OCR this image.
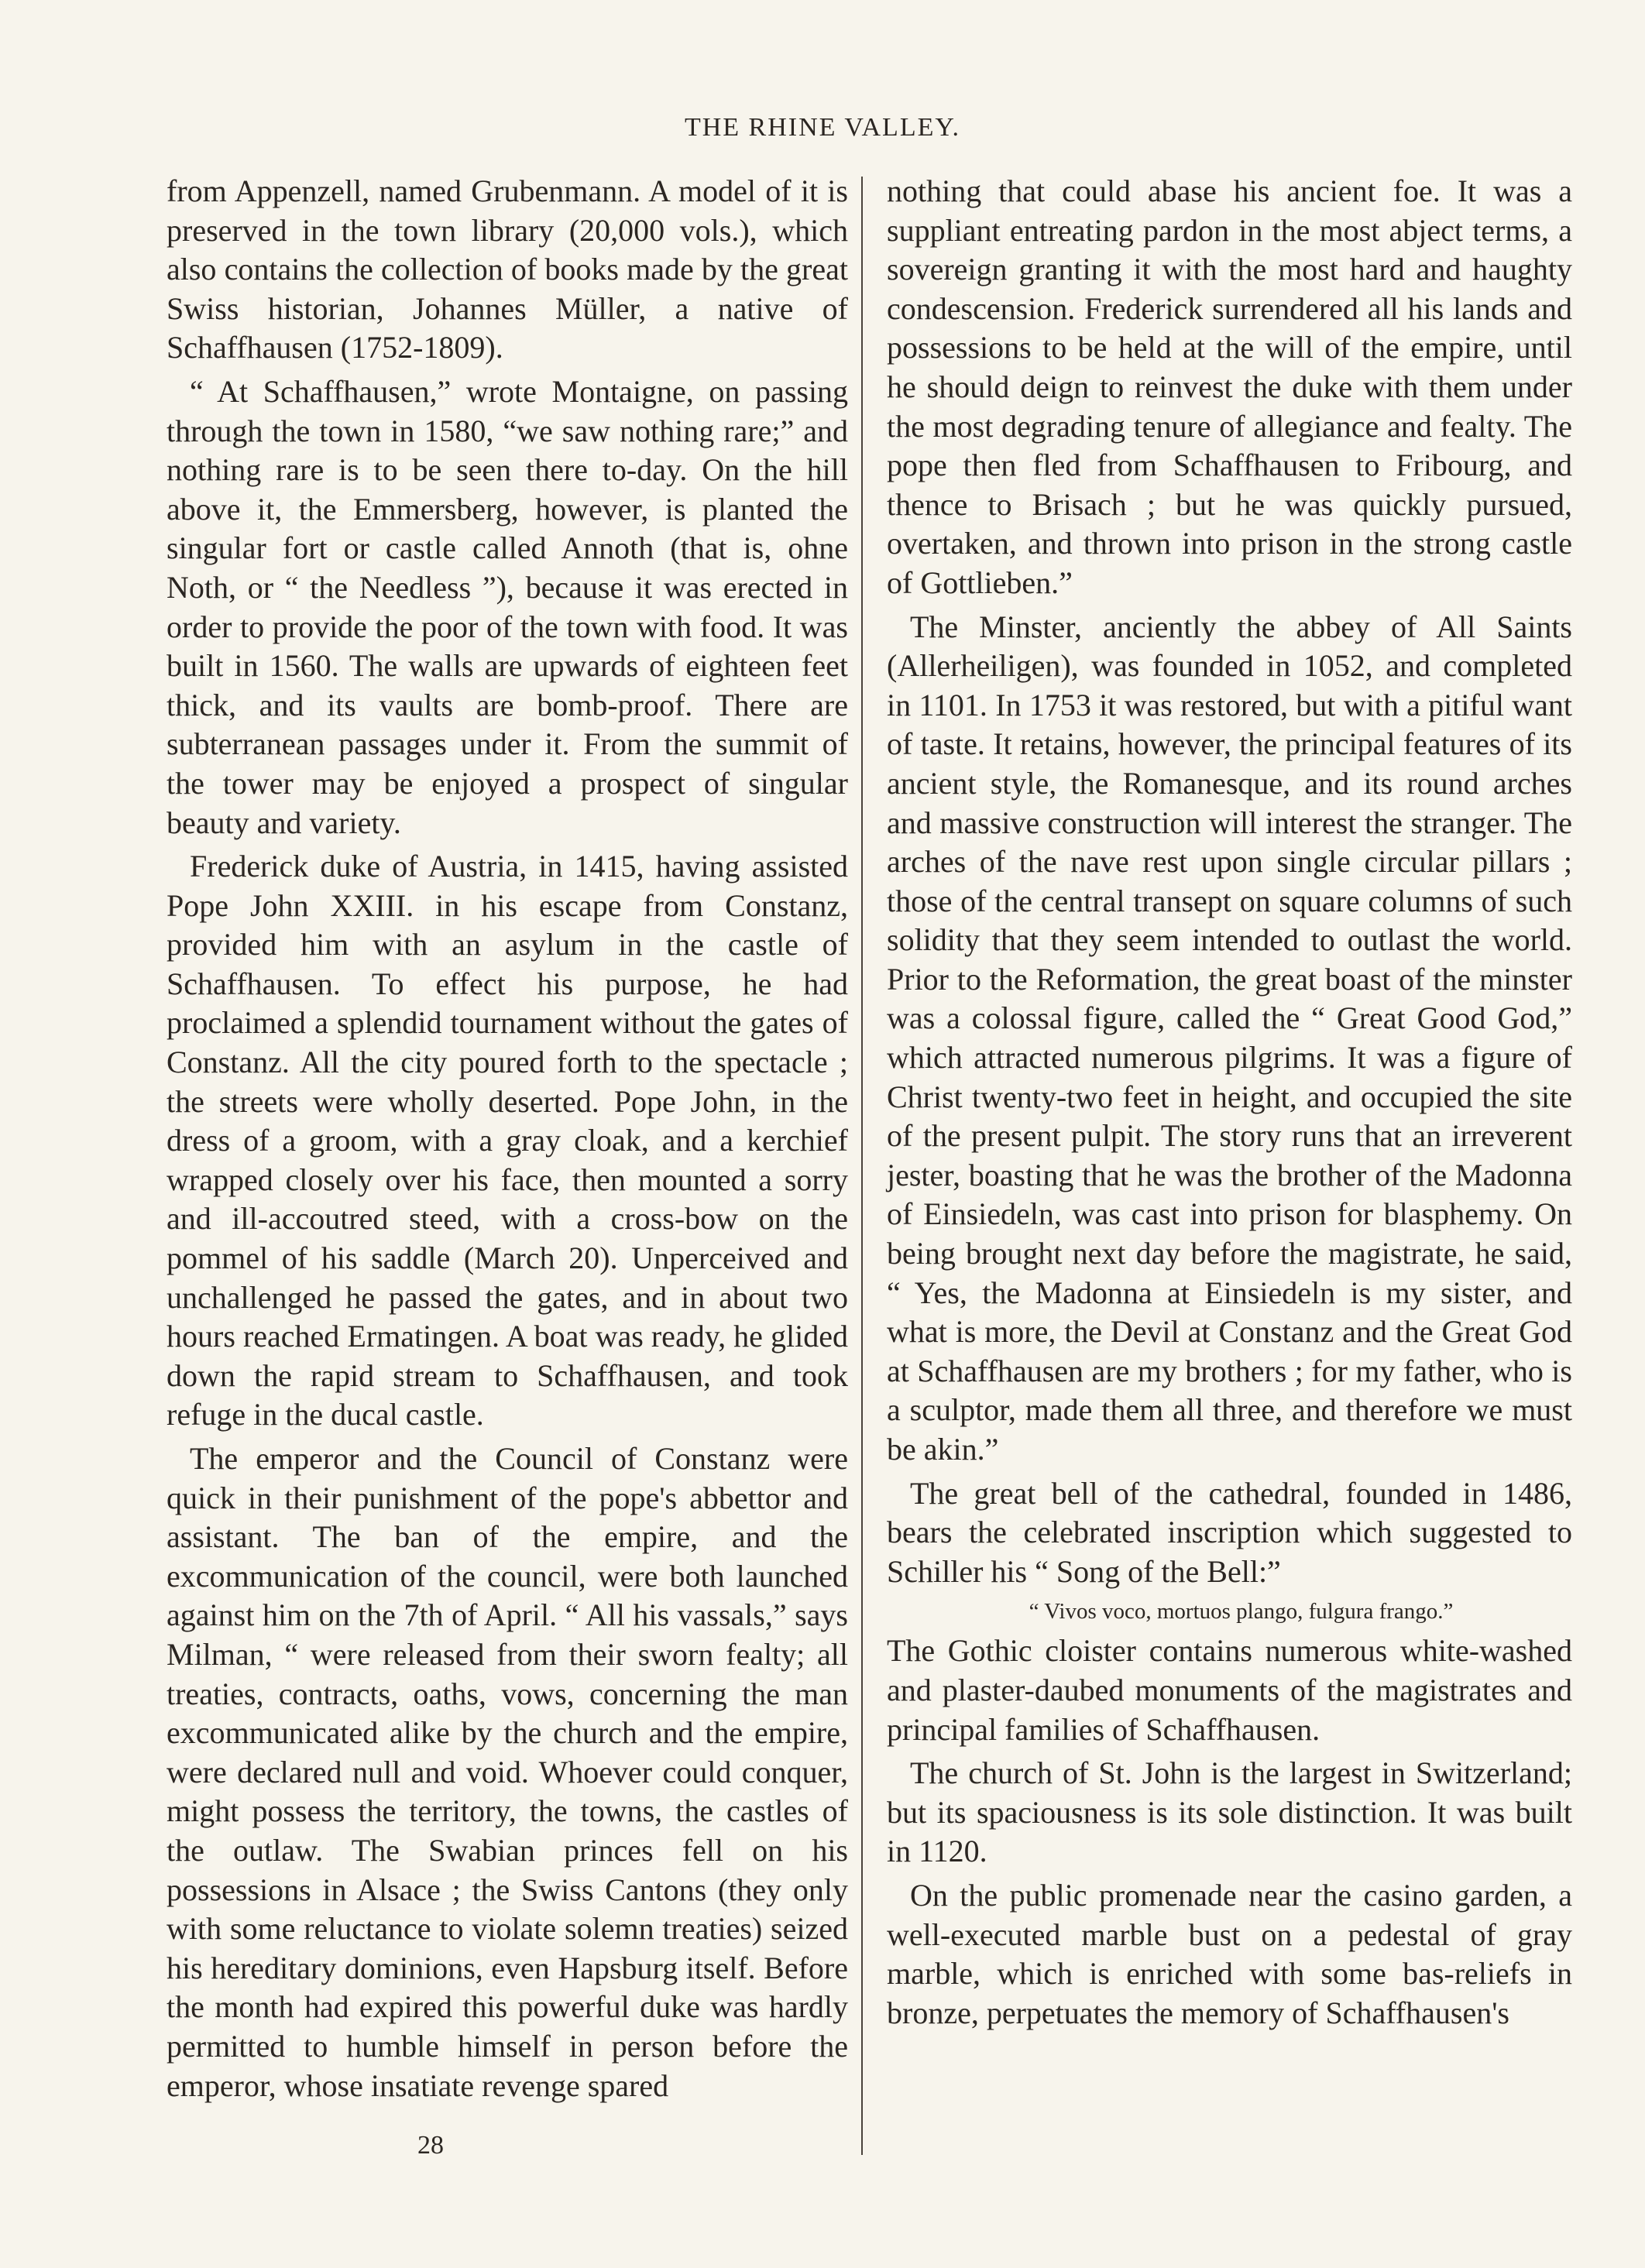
THE RHINE VALLEY.

from Appenzell, named Grubenmann. A model of it is preserved in the town library (20,000 vols.), which also contains the collection of books made by the great Swiss historian, Johannes Müller, a native of Schaffhausen (1752-1809).

“ At Schaffhausen,” wrote Montaigne, on passing through the town in 1580, “we saw nothing rare;” and nothing rare is to be seen there to-day. On the hill above it, the Emmersberg, however, is planted the singular fort or castle called Annoth (that is, ohne Noth, or “ the Needless ”), because it was erected in order to provide the poor of the town with food. It was built in 1560. The walls are upwards of eighteen feet thick, and its vaults are bomb-proof. There are subterranean passages under it. From the summit of the tower may be enjoyed a prospect of singular beauty and variety.

Frederick duke of Austria, in 1415, having assisted Pope John XXIII. in his escape from Constanz, provided him with an asylum in the castle of Schaffhausen. To effect his purpose, he had proclaimed a splendid tournament without the gates of Constanz. All the city poured forth to the spectacle ; the streets were wholly deserted. Pope John, in the dress of a groom, with a gray cloak, and a kerchief wrapped closely over his face, then mounted a sorry and ill-accoutred steed, with a cross-bow on the pommel of his saddle (March 20). Unperceived and unchallenged he passed the gates, and in about two hours reached Ermatingen. A boat was ready, he glided down the rapid stream to Schaffhausen, and took refuge in the ducal castle.

The emperor and the Council of Constanz were quick in their punishment of the pope's abbettor and assistant. The ban of the empire, and the excommunication of the council, were both launched against him on the 7th of April. “ All his vassals,” says Milman, “ were released from their sworn fealty; all treaties, contracts, oaths, vows, concerning the man excommunicated alike by the church and the empire, were declared null and void. Whoever could conquer, might possess the territory, the towns, the castles of the outlaw. The Swabian princes fell on his possessions in Alsace ; the Swiss Cantons (they only with some reluctance to violate solemn treaties) seized his hereditary dominions, even Hapsburg itself. Before the month had expired this powerful duke was hardly permitted to humble himself in person before the emperor, whose insatiate revenge spared

nothing that could abase his ancient foe. It was a suppliant entreating pardon in the most abject terms, a sovereign granting it with the most hard and haughty condescension. Frederick surrendered all his lands and possessions to be held at the will of the empire, until he should deign to reinvest the duke with them under the most degrading tenure of allegiance and fealty. The pope then fled from Schaffhausen to Fribourg, and thence to Brisach ; but he was quickly pursued, overtaken, and thrown into prison in the strong castle of Gottlieben.”

The Minster, anciently the abbey of All Saints (Allerheiligen), was founded in 1052, and completed in 1101. In 1753 it was restored, but with a pitiful want of taste. It retains, however, the principal features of its ancient style, the Romanesque, and its round arches and massive construction will interest the stranger. The arches of the nave rest upon single circular pillars ; those of the central transept on square columns of such solidity that they seem intended to outlast the world. Prior to the Reformation, the great boast of the minster was a colossal figure, called the “ Great Good God,” which attracted numerous pilgrims. It was a figure of Christ twenty-two feet in height, and occupied the site of the present pulpit. The story runs that an irreverent jester, boasting that he was the brother of the Madonna of Einsiedeln, was cast into prison for blasphemy. On being brought next day before the magistrate, he said, “ Yes, the Madonna at Einsiedeln is my sister, and what is more, the Devil at Constanz and the Great God at Schaffhausen are my brothers ; for my father, who is a sculptor, made them all three, and therefore we must be akin.”

The great bell of the cathedral, founded in 1486, bears the celebrated inscription which suggested to Schiller his “ Song of the Bell:”

“ Vivos voco, mortuos plango, fulgura frango.”

The Gothic cloister contains numerous white-washed and plaster-daubed monuments of the magistrates and principal families of Schaffhausen.

The church of St. John is the largest in Switzerland; but its spaciousness is its sole distinction. It was built in 1120.

On the public promenade near the casino garden, a well-executed marble bust on a pedestal of gray marble, which is enriched with some bas-reliefs in bronze, perpetuates the memory of Schaffhausen's

28
